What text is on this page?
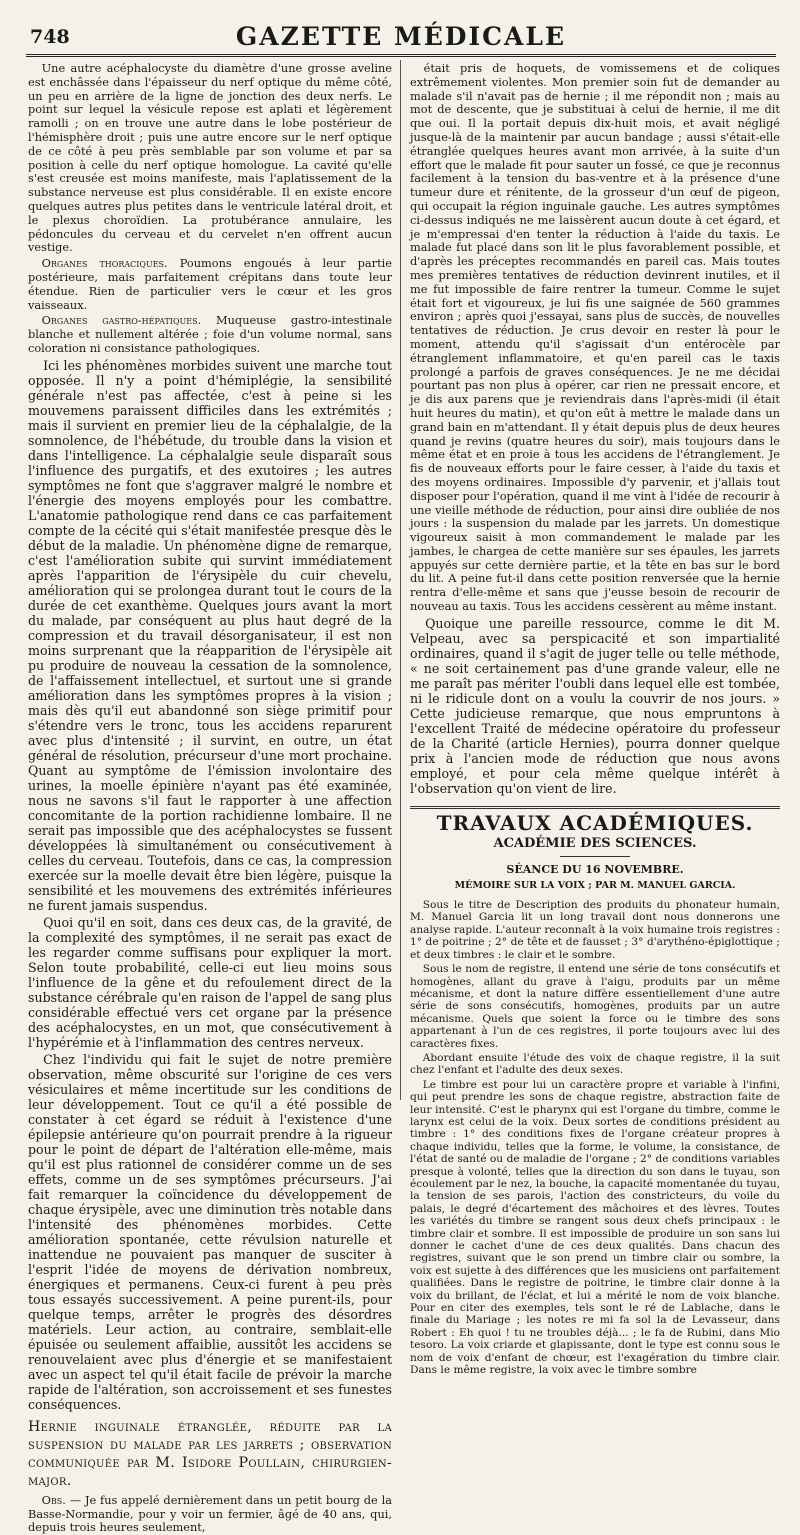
748	GAZETTE MÉDICALE

Une autre acéphalocyste du diamètre d'une grosse aveline est enchâssée dans l'épaisseur du nerf optique du même côté, un peu en arrière de la ligne de jonction des deux nerfs. Le point sur lequel la vésicule repose est aplati et légèrement ramolli ; on en trouve une autre dans le lobe postérieur de l'hémisphère droit ; puis une autre encore sur le nerf optique de ce côté à peu près semblable par son volume et par sa position à celle du nerf optique homologue. La cavité qu'elle s'est creusée est moins manifeste, mais l'aplatissement de la substance nerveuse est plus considérable. Il en existe encore quelques autres plus petites dans le ventricule latéral droit, et le plexus choroïdien. La protubérance annulaire, les pédoncules du cerveau et du cervelet n'en offrent aucun vestige.

Organes thoraciques. Poumons engoués à leur partie postérieure, mais parfaitement crépitans dans toute leur étendue. Rien de particulier vers le cœur et les gros vaisseaux.

Organes gastro-hépatiques. Muqueuse gastro-intestinale blanche et nullement altérée ; foie d'un volume normal, sans coloration ni consistance pathologiques.

Ici les phénomènes morbides suivent une marche tout opposée. Il n'y a point d'hémiplégie, la sensibilité générale n'est pas affectée, c'est à peine si les mouvemens paraissent difficiles dans les extrémités ; mais il survient en premier lieu de la céphalalgie, de la somnolence, de l'hébétude, du trouble dans la vision et dans l'intelligence. La céphalalgie seule disparaît sous l'influence des purgatifs, et des exutoires ; les autres symptômes ne font que s'aggraver malgré le nombre et l'énergie des moyens employés pour les combattre. L'anatomie pathologique rend dans ce cas parfaitement compte de la cécité qui s'était manifestée presque dès le début de la maladie. Un phénomène digne de remarque, c'est l'amélioration subite qui survint immédiatement après l'apparition de l'érysipèle du cuir chevelu, amélioration qui se prolongea durant tout le cours de la durée de cet exanthème. Quelques jours avant la mort du malade, par conséquent au plus haut degré de la compression et du travail désorganisateur, il est non moins surprenant que la réapparition de l'érysipèle ait pu produire de nouveau la cessation de la somnolence, de l'affaissement intellectuel, et surtout une si grande amélioration dans les symptômes propres à la vision ; mais dès qu'il eut abandonné son siège primitif pour s'étendre vers le tronc, tous les accidens reparurent avec plus d'intensité ; il survint, en outre, un état général de résolution, précurseur d'une mort prochaine. Quant au symptôme de l'émission involontaire des urines, la moelle épinière n'ayant pas été examinée, nous ne savons s'il faut le rapporter à une affection concomitante de la portion rachidienne lombaire. Il ne serait pas impossible que des acéphalocystes se fussent développées là simultanément ou consécutivement à celles du cerveau. Toutefois, dans ce cas, la compression exercée sur la moelle devait être bien légère, puisque la sensibilité et les mouvemens des extrémités inférieures ne furent jamais suspendus.

Quoi qu'il en soit, dans ces deux cas, de la gravité, de la complexité des symptômes, il ne serait pas exact de les regarder comme suffisans pour expliquer la mort. Selon toute probabilité, celle-ci eut lieu moins sous l'influence de la gêne et du refoulement direct de la substance cérébrale qu'en raison de l'appel de sang plus considérable effectué vers cet organe par la présence des acéphalocystes, en un mot, que consécutivement à l'hypérémie et à l'inflammation des centres nerveux.

Chez l'individu qui fait le sujet de notre première observation, même obscurité sur l'origine de ces vers vésiculaires et même incertitude sur les conditions de leur développement. Tout ce qu'il a été possible de constater à cet égard se réduit à l'existence d'une épilepsie antérieure qu'on pourrait prendre à la rigueur pour le point de départ de l'altération elle-même, mais qu'il est plus rationnel de considérer comme un de ses effets, comme un de ses symptômes précurseurs. J'ai fait remarquer la coïncidence du développement de chaque érysipèle, avec une diminution très notable dans l'intensité des phénomènes morbides. Cette amélioration spontanée, cette révulsion naturelle et inattendue ne pouvaient pas manquer de susciter à l'esprit l'idée de moyens de dérivation nombreux, énergiques et permanens. Ceux-ci furent à peu près tous essayés successivement. A peine purent-ils, pour quelque temps, arrêter le progrès des désordres matériels. Leur action, au contraire, semblait-elle épuisée ou seulement affaiblie, aussitôt les accidens se renouvelaient avec plus d'énergie et se manifestaient avec un aspect tel qu'il était facile de prévoir la marche rapide de l'altération, son accroissement et ses funestes conséquences.

Hernie inguinale étranglée, réduite par la suspension du malade par les jarrets ; observation communiquée par M. Isidore Poullain, chirurgien-major.

Obs. — Je fus appelé dernièrement dans un petit bourg de la Basse-Normandie, pour y voir un fermier, âgé de 40 ans, qui, depuis trois heures seulement,

était pris de hoquets, de vomissemens et de coliques extrêmement violentes. Mon premier soin fut de demander au malade s'il n'avait pas de hernie ; il me répondit non ; mais au mot de descente, que je substituai à celui de hernie, il me dit que oui. Il la portait depuis dix-huit mois, et avait négligé jusque-là de la maintenir par aucun bandage ; aussi s'était-elle étranglée quelques heures avant mon arrivée, à la suite d'un effort que le malade fit pour sauter un fossé, ce que je reconnus facilement à la tension du bas-ventre et à la présence d'une tumeur dure et rénitente, de la grosseur d'un œuf de pigeon, qui occupait la région inguinale gauche. Les autres symptômes ci-dessus indiqués ne me laissèrent aucun doute à cet égard, et je m'empressai d'en tenter la réduction à l'aide du taxis. Le malade fut placé dans son lit le plus favorablement possible, et d'après les préceptes recommandés en pareil cas. Mais toutes mes premières tentatives de réduction devinrent inutiles, et il me fut impossible de faire rentrer la tumeur. Comme le sujet était fort et vigoureux, je lui fis une saignée de 560 grammes environ ; après quoi j'essayai, sans plus de succès, de nouvelles tentatives de réduction. Je crus devoir en rester là pour le moment, attendu qu'il s'agissait d'un entérocèle par étranglement inflammatoire, et qu'en pareil cas le taxis prolongé a parfois de graves conséquences. Je ne me décidai pourtant pas non plus à opérer, car rien ne pressait encore, et je dis aux parens que je reviendrais dans l'après-midi (il était huit heures du matin), et qu'on eût à mettre le malade dans un grand bain en m'attendant. Il y était depuis plus de deux heures quand je revins (quatre heures du soir), mais toujours dans le même état et en proie à tous les accidens de l'étranglement. Je fis de nouveaux efforts pour le faire cesser, à l'aide du taxis et des moyens ordinaires. Impossible d'y parvenir, et j'allais tout disposer pour l'opération, quand il me vint à l'idée de recourir à une vieille méthode de réduction, pour ainsi dire oubliée de nos jours : la suspension du malade par les jarrets. Un domestique vigoureux saisit à mon commandement le malade par les jambes, le chargea de cette manière sur ses épaules, les jarrets appuyés sur cette dernière partie, et la tête en bas sur le bord du lit. A peine fut-il dans cette position renversée que la hernie rentra d'elle-même et sans que j'eusse besoin de recourir de nouveau au taxis. Tous les accidens cessèrent au même instant.

Quoique une pareille ressource, comme le dit M. Velpeau, avec sa perspicacité et son impartialité ordinaires, quand il s'agit de juger telle ou telle méthode, « ne soit certainement pas d'une grande valeur, elle ne me paraît pas mériter l'oubli dans lequel elle est tombée, ni le ridicule dont on a voulu la couvrir de nos jours. » Cette judicieuse remarque, que nous empruntons à l'excellent Traité de médecine opératoire du professeur de la Charité (article Hernies), pourra donner quelque prix à l'ancien mode de réduction que nous avons employé, et pour cela même quelque intérêt à l'observation qu'on vient de lire.

TRAVAUX ACADÉMIQUES.
ACADÉMIE DES SCIENCES.
SÉANCE DU 16 NOVEMBRE.
MÉMOIRE SUR LA VOIX ; PAR M. MANUEL GARCIA.

Sous le titre de Description des produits du phonateur humain, M. Manuel Garcia lit un long travail dont nous donnerons une analyse rapide. L'auteur reconnaît à la voix humaine trois registres : 1° de poitrine ; 2° de tête et de fausset ; 3° d'arythéno-épiglottique ; et deux timbres : le clair et le sombre.

Sous le nom de registre, il entend une série de tons consécutifs et homogènes, allant du grave à l'aigu, produits par un même mécanisme, et dont la nature diffère essentiellement d'une autre série de sons consécutifs, homogènes, produits par un autre mécanisme. Quels que soient la force ou le timbre des sons appartenant à l'un de ces registres, il porte toujours avec lui des caractères fixes.

Abordant ensuite l'étude des voix de chaque registre, il la suit chez l'enfant et l'adulte des deux sexes.

Le timbre est pour lui un caractère propre et variable à l'infini, qui peut prendre les sons de chaque registre, abstraction faite de leur intensité. C'est le pharynx qui est l'organe du timbre, comme le larynx est celui de la voix. Deux sortes de conditions président au timbre : 1° des conditions fixes de l'organe créateur propres à chaque individu, telles que la forme, le volume, la consistance, de l'état de santé ou de maladie de l'organe ; 2° de conditions variables presque à volonté, telles que la direction du son dans le tuyau, son écoulement par le nez, la bouche, la capacité momentanée du tuyau, la tension de ses parois, l'action des constricteurs, du voile du palais, le degré d'écartement des mâchoires et des lèvres. Toutes les variétés du timbre se rangent sous deux chefs principaux : le timbre clair et sombre. Il est impossible de produire un son sans lui donner le cachet d'une de ces deux qualités. Dans chacun des registres, suivant que le son prend un timbre clair ou sombre, la voix est sujette à des différences que les musiciens ont parfaitement qualifiées. Dans le registre de poitrine, le timbre clair donne à la voix du brillant, de l'éclat, et lui a mérité le nom de voix blanche. Pour en citer des exemples, tels sont le ré de Lablache, dans le finale du Mariage ; les notes re mi fa sol la de Levasseur, dans Robert : Eh quoi ! tu ne troubles déjà... ; le fa de Rubini, dans Mio tesoro. La voix criarde et glapissante, dont le type est connu sous le nom de voix d'enfant de chœur, est l'exagération du timbre clair. Dans le même registre, la voix avec le timbre sombre
